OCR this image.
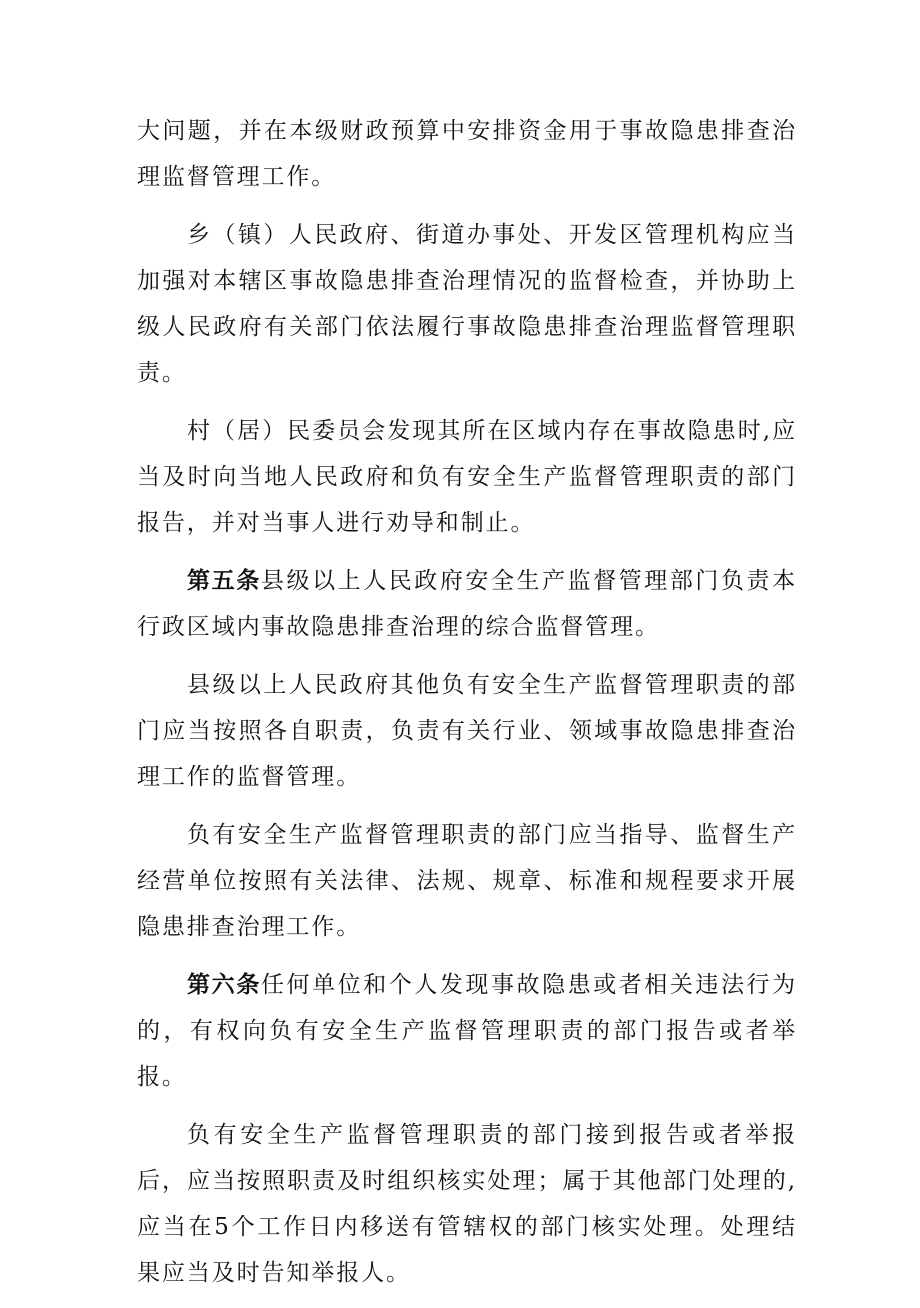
大问题，并在本级财政预算中安排资金用于事故隐患排查治理监督管理工作。

乡（镇）人民政府、街道办事处、开发区管理机构应当加强对本辖区事故隐患排查治理情况的监督检查，并协助上级人民政府有关部门依法履行事故隐患排查治理监督管理职责。

村（居）民委员会发现其所在区域内存在事故隐患时,应当及时向当地人民政府和负有安全生产监督管理职责的部门报告，并对当事人进行劝导和制止。

第五条县级以上人民政府安全生产监督管理部门负责本行政区域内事故隐患排查治理的综合监督管理。

县级以上人民政府其他负有安全生产监督管理职责的部门应当按照各自职责，负责有关行业、领域事故隐患排查治理工作的监督管理。

负有安全生产监督管理职责的部门应当指导、监督生产经营单位按照有关法律、法规、规章、标准和规程要求开展隐患排查治理工作。

第六条任何单位和个人发现事故隐患或者相关违法行为的，有权向负有安全生产监督管理职责的部门报告或者举报。

负有安全生产监督管理职责的部门接到报告或者举报后，应当按照职责及时组织核实处理；属于其他部门处理的,应当在5个工作日内移送有管辖权的部门核实处理。处理结果应当及时告知举报人。
